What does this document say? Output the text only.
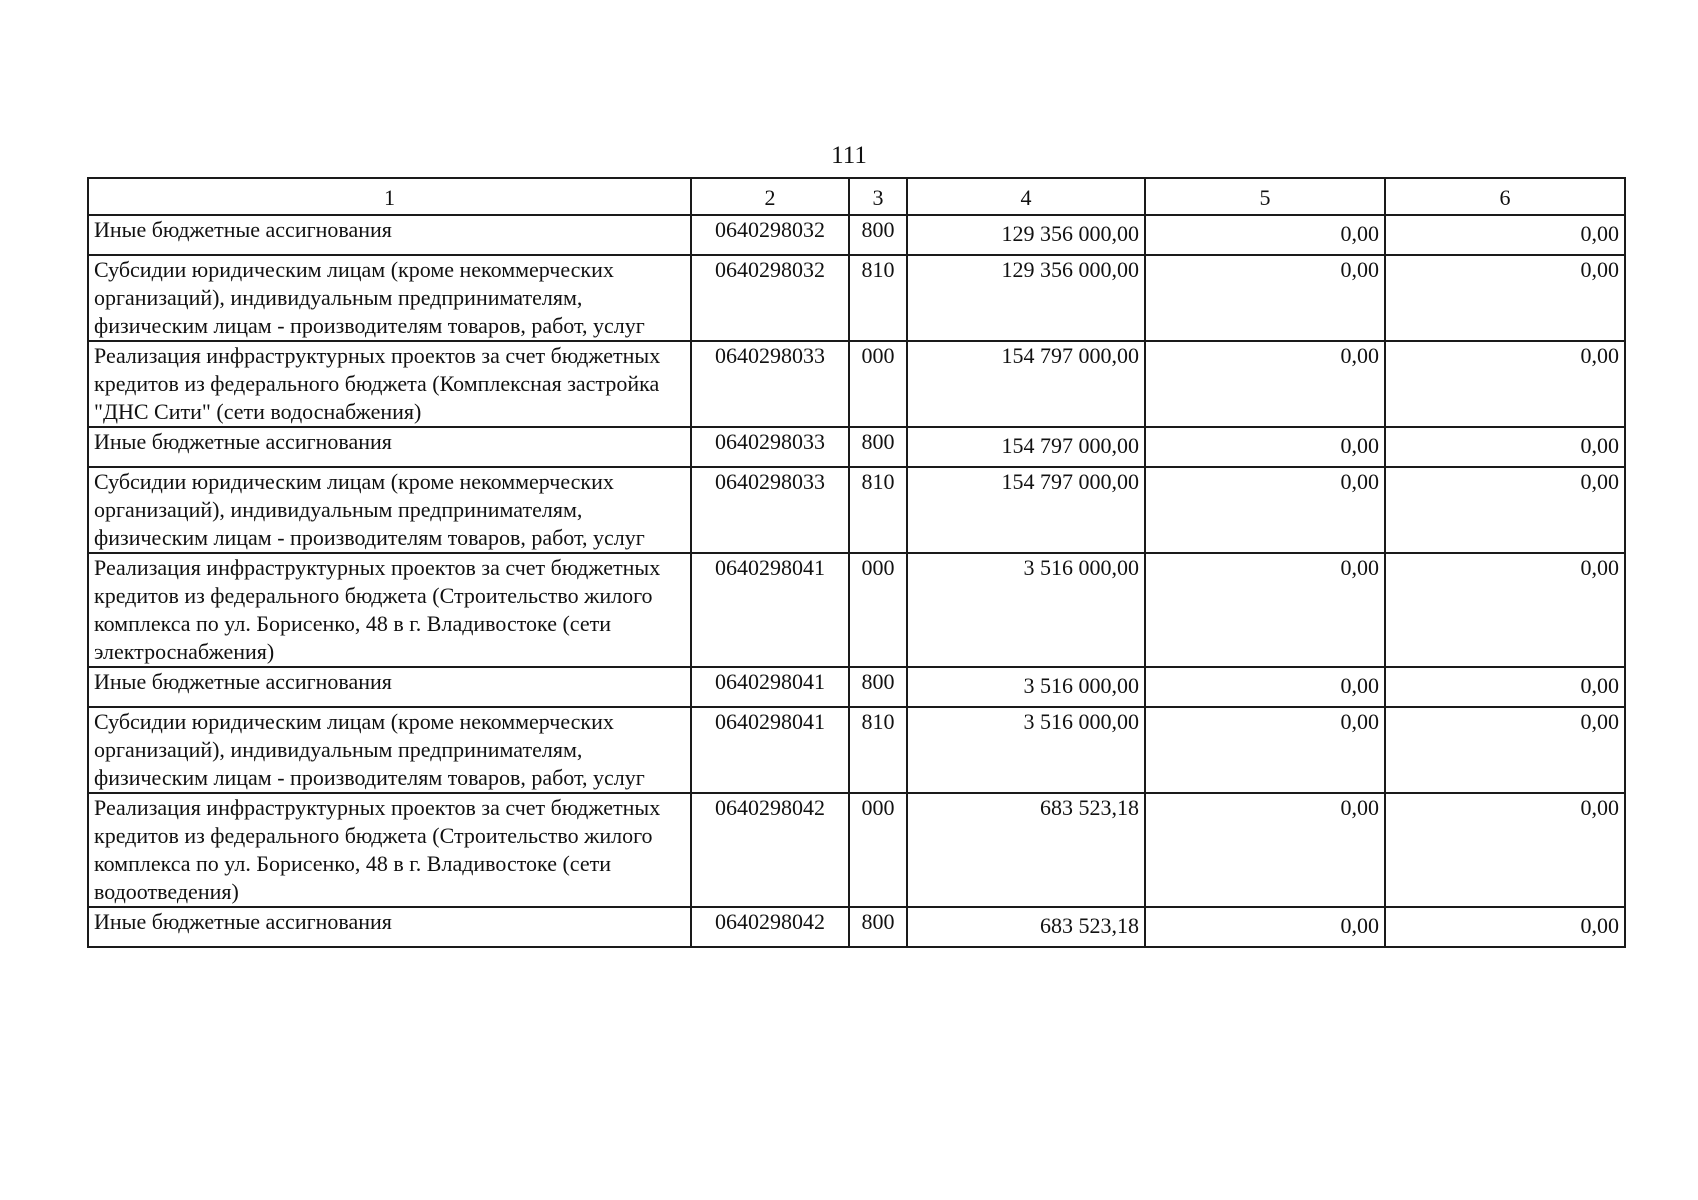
111
1	2	3	4	5	6
Иные бюджетные ассигнования	0640298032	800	129 356 000,00	0,00	0,00
Субсидии юридическим лицам (кроме некоммерческих организаций), индивидуальным предпринимателям, физическим лицам - производителям товаров, работ, услуг	0640298032	810	129 356 000,00	0,00	0,00
Реализация инфраструктурных проектов за счет бюджетных кредитов из федерального бюджета (Комплексная застройка "ДНС Сити" (сети водоснабжения)	0640298033	000	154 797 000,00	0,00	0,00
Иные бюджетные ассигнования	0640298033	800	154 797 000,00	0,00	0,00
Субсидии юридическим лицам (кроме некоммерческих организаций), индивидуальным предпринимателям, физическим лицам - производителям товаров, работ, услуг	0640298033	810	154 797 000,00	0,00	0,00
Реализация инфраструктурных проектов за счет бюджетных кредитов из федерального бюджета (Строительство жилого комплекса по ул. Борисенко, 48 в г. Владивостоке (сети электроснабжения)	0640298041	000	3 516 000,00	0,00	0,00
Иные бюджетные ассигнования	0640298041	800	3 516 000,00	0,00	0,00
Субсидии юридическим лицам (кроме некоммерческих организаций), индивидуальным предпринимателям, физическим лицам - производителям товаров, работ, услуг	0640298041	810	3 516 000,00	0,00	0,00
Реализация инфраструктурных проектов за счет бюджетных кредитов из федерального бюджета (Строительство жилого комплекса по ул. Борисенко, 48 в г. Владивостоке (сети водоотведения)	0640298042	000	683 523,18	0,00	0,00
Иные бюджетные ассигнования	0640298042	800	683 523,18	0,00	0,00
